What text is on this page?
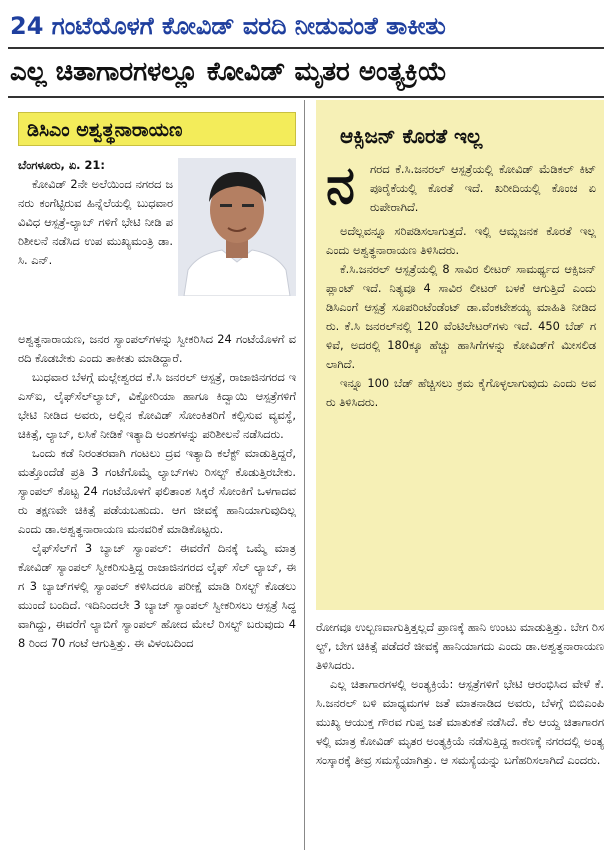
24 ಗಂಟೆಯೊಳಗೆ ಕೋವಿಡ್ ವರದಿ ನೀಡುವಂತೆ ತಾಕೀತು
ಎಲ್ಲ ಚಿತಾಗಾರಗಳಲ್ಲೂ ಕೋವಿಡ್ ಮೃತರ ಅಂತ್ಯಕ್ರಿಯೆ
ಡಿಸಿಎಂ ಅಶ್ವತ್ಥನಾರಾಯಣ

ಬೆಂಗಳೂರು, ಏ. 21:

ಕೋವಿಡ್ 2ನೇ ಅಲೆಯಿಂದ ನಗರದ ಜನರು ಕಂಗೆಟ್ಟಿರುವ ಹಿನ್ನೆಲೆಯಲ್ಲಿ ಬುಧವಾರ ವಿವಿಧ ಆಸ್ಪತ್ರೆ-ಲ್ಯಾಬ್ ಗಳಿಗೆ ಭೇಟಿ ನೀಡಿ ಪರಿಶೀಲನೆ ನಡೆಸಿದ ಉಪ ಮುಖ್ಯಮಂತ್ರಿ ಡಾ. ಸಿ. ಎನ್.

ಅಶ್ವತ್ಥನಾರಾಯಣ, ಜನರ ಸ್ಯಾಂಪಲ್‌ಗಳನ್ನು ಸ್ವೀಕರಿಸಿದ 24 ಗಂಟೆಯೊಳಗೆ ವರದಿ ಕೊಡಬೇಕು ಎಂದು ತಾಕೀತು ಮಾಡಿದ್ದಾರೆ.

ಬುಧವಾರ ಬೆಳಗ್ಗೆ ಮಲ್ಲೇಶ್ವರದ ಕೆ.ಸಿ ಜನರಲ್ ಆಸ್ಪತ್ರೆ, ರಾಜಾಜಿನಗರದ ಇಎಸ್‌ಐ, ಲೈಫ್‌ಸೆಲ್‌ಲ್ಯಾಬ್, ವಿಕ್ಟೋರಿಯಾ ಹಾಗೂ ಕಿದ್ವಾಯಿ ಆಸ್ಪತ್ರೆಗಳಿಗೆ ಭೇಟಿ ನೀಡಿದ ಅವರು, ಅಲ್ಲಿನ ಕೋವಿಡ್ ಸೋಂಕಿತರಿಗೆ ಕಲ್ಪಿಸುವ ವ್ಯವಸ್ಥೆ, ಚಿಕಿತ್ಸೆ, ಲ್ಯಾಬ್, ಲಸಿಕೆ ನೀಡಿಕೆ ಇತ್ಯಾದಿ ಅಂಶಗಳನ್ನು ಪರಿಶೀಲನೆ ನಡೆಸಿದರು.

ಒಂದು ಕಡೆ ನಿರಂತರವಾಗಿ ಗಂಟಲು ದ್ರವ ಇತ್ಯಾದಿ ಕಲೆಕ್ಟ್ ಮಾಡುತ್ತಿದ್ದರೆ, ಮತ್ತೊಂದೆಡೆ ಪ್ರತಿ 3 ಗಂಟೆಗೊಮ್ಮೆ ಲ್ಯಾಬ್‌ಗಳು ರಿಸಲ್ಟ್ ಕೊಡುತ್ತಿರಬೇಕು. ಸ್ಯಾಂಪಲ್ ಕೊಟ್ಟ 24 ಗಂಟೆಯೊಳಗೆ ಫಲಿತಾಂಶ ಸಿಕ್ಕರೆ ಸೋಂಕಿಗೆ ಒಳಗಾದವರು ತಕ್ಷಣವೇ ಚಿಕಿತ್ಸೆ ಪಡೆಯಬಹುದು. ಆಗ ಜೀವಕ್ಕೆ ಹಾನಿಯಾಗುವುದಿಲ್ಲ ಎಂದು ಡಾ.ಅಶ್ವತ್ಥನಾರಾಯಣ ಮನವರಿಕೆ ಮಾಡಿಕೊಟ್ಟರು.

ಲೈಫ್‌ಸೆಲ್‌ಗೆ 3 ಬ್ಯಾಚ್ ಸ್ಯಾಂಪಲ್: ಈವರೆಗೆ ದಿನಕ್ಕೆ ಒಮ್ಮೆ ಮಾತ್ರ ಕೋವಿಡ್ ಸ್ಯಾಂಪಲ್ ಸ್ವೀಕರಿಸುತ್ತಿದ್ದ ರಾಜಾಜಿನಗರದ ಲೈಫ್ ಸೆಲ್ ಲ್ಯಾಬ್, ಈಗ 3 ಬ್ಯಾಚ್‌ಗಳಲ್ಲಿ ಸ್ಯಾಂಪಲ್ ಕಳಿಸಿದರೂ ಪರೀಕ್ಷೆ ಮಾಡಿ ರಿಸಲ್ಟ್ ಕೊಡಲು ಮುಂದೆ ಬಂದಿದೆ. ಇದಿನಿಂದಲೇ 3 ಬ್ಯಾಚ್ ಸ್ಯಾಂಪಲ್ ಸ್ವೀಕರಿಸಲು ಆಸ್ಪತ್ರೆ ಸಿದ್ಧವಾಗಿದ್ದು, ಈವರೆಗೆ ಲ್ಯಾಬಿಗೆ ಸ್ಯಾಂಪಲ್ ಹೋದ ಮೇಲೆ ರಿಸಲ್ಟ್ ಬರುವುದು 48 ರಿಂದ 70 ಗಂಟೆ ಆಗುತ್ತಿತ್ತು. ಈ ವಿಳಂಬದಿಂದ

ಆಕ್ಸಿಜನ್ ಕೊರತೆ ಇಲ್ಲ
ನ	ಗರದ ಕೆ.ಸಿ.ಜನರಲ್ ಆಸ್ಪತ್ರೆಯಲ್ಲಿ ಕೋವಿಡ್ ಮೆಡಿಕಲ್ ಕಿಟ್ ಪೂರೈಕೆಯಲ್ಲಿ ಕೊರತೆ ಇದೆ. ಖರೀದಿಯಲ್ಲಿ ಕೊಂಚ ಏರುಪೇರಾಗಿದೆ.

ಅದೆಲ್ಲವನ್ನೂ ಸರಿಪಡಿಸಲಾಗುತ್ತದೆ. ಇಲ್ಲಿ ಆಮ್ಲಜನಕ ಕೊರತೆ ಇಲ್ಲ ಎಂದು ಅಶ್ವತ್ಥನಾರಾಯಣ ತಿಳಿಸಿದರು.

ಕೆ.ಸಿ.ಜನರಲ್ ಆಸ್ಪತ್ರೆಯಲ್ಲಿ 8 ಸಾವಿರ ಲೀಟರ್ ಸಾಮರ್ಥ್ಯದ ಆಕ್ಸಿಜನ್ ಪ್ಲಾಂಟ್ ಇದೆ. ನಿತ್ಯವೂ 4 ಸಾವಿರ ಲೀಟರ್ ಬಳಕೆ ಆಗುತ್ತಿದೆ ಎಂದು ಡಿಸಿಎಂಗೆ ಆಸ್ಪತ್ರೆ ಸೂಪರಿಂಟೆಂಡೆಂಟ್ ಡಾ.ವೆಂಕಟೇಶಯ್ಯ ಮಾಹಿತಿ ನೀಡಿದರು. ಕೆ.ಸಿ ಜನರಲ್‌ನಲ್ಲಿ 120 ವೆಂಟಿಲೇಟರ್‌ಗಳು ಇದೆ. 450 ಬೆಡ್ ಗಳಿವೆ, ಅದರಲ್ಲಿ 180ಕ್ಕೂ ಹೆಚ್ಚು ಹಾಸಿಗೆಗಳನ್ನು ಕೋವಿಡ್‌ಗೆ ಮೀಸಲಿಡಲಾಗಿದೆ.

ಇನ್ನೂ 100 ಬೆಡ್ ಹೆಚ್ಚಿಸಲು ಕ್ರಮ ಕೈಗೊಳ್ಳಲಾಗುವುದು ಎಂದು ಅವರು ತಿಳಿಸಿದರು.

ರೋಗವೂ ಉಲ್ಬಣವಾಗುತ್ತಿತ್ತಲ್ಲದೆ ಪ್ರಾಣಕ್ಕೆ ಹಾನಿ ಉಂಟು ಮಾಡುತ್ತಿತ್ತು. ಬೇಗ ರಿಸಲ್ಟ್, ಬೇಗ ಚಿಕಿತ್ಸೆ ಪಡೆದರೆ ಜೀವಕ್ಕೆ ಹಾನಿಯಾಗದು ಎಂದು ಡಾ.ಅಶ್ವತ್ಥನಾರಾಯಣ ತಿಳಿಸಿದರು.

ಎಲ್ಲ ಚಿತಾಗಾರಗಳಲ್ಲಿ ಅಂತ್ಯಕ್ರಿಯೆ: ಆಸ್ಪತ್ರೆಗಳಿಗೆ ಭೇಟಿ ಆರಂಭಿಸಿದ ವೇಳೆ ಕೆ.ಸಿ.ಜನರಲ್ ಬಳಿ ಮಾಧ್ಯಮಗಳ ಜತೆ ಮಾತನಾಡಿದ ಅವರು, ಬೆಳಗ್ಗೆ ಬಿಬಿಎಂಪಿ ಮುಖ್ಯ ಆಯುಕ್ತ ಗೌರವ ಗುಪ್ತ ಜತೆ ಮಾತುಕತೆ ನಡೆಸಿದೆ. ಕೆಲ ಆಯ್ದ ಚಿತಾಗಾರಗಳಲ್ಲಿ ಮಾತ್ರ ಕೋವಿಡ್ ಮೃತರ ಅಂತ್ಯಕ್ರಿಯೆ ನಡೆಸುತ್ತಿದ್ದ ಕಾರಣಕ್ಕೆ ನಗರದಲ್ಲಿ ಅಂತ್ಯ ಸಂಸ್ಕಾರಕ್ಕೆ ತೀವ್ರ ಸಮಸ್ಯೆಯಾಗಿತ್ತು. ಆ ಸಮಸ್ಯೆಯನ್ನು ಬಗೆಹರಿಸಲಾಗಿದೆ ಎಂದರು.
